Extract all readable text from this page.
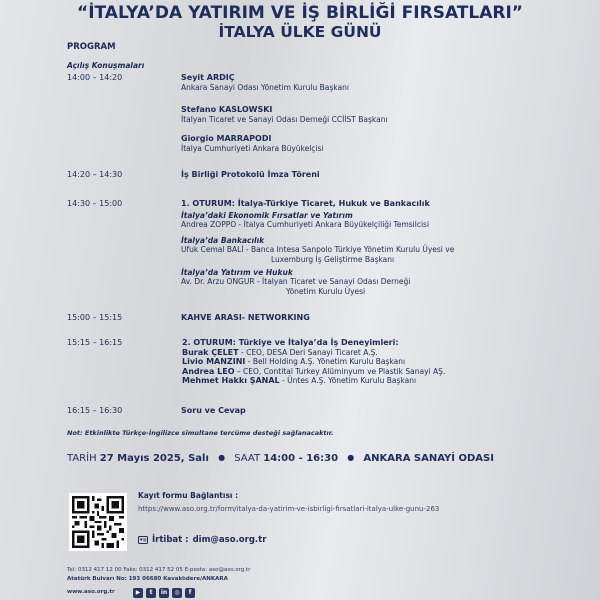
“İTALYA’DA YATIRIM VE İŞ BİRLİĞİ FIRSATLARI”
İTALYA ÜLKE GÜNÜ
PROGRAM
Açılış Konuşmaları
14:00 – 14:20	Seyit ARDIÇ
Ankara Sanayi Odası Yönetim Kurulu Başkanı
Stefano KASLOWSKI
İtalyan Ticaret ve Sanayi Odası Derneği CCİİST Başkanı
Giorgio MARRAPODI
İtalya Cumhuriyeti Ankara Büyükelçisi
14:20 – 14:30	İş Birliği Protokolü İmza Töreni
14:30 – 15:00	1. OTURUM: İtalya-Türkiye Ticaret, Hukuk ve Bankacılık
İtalya’daki Ekonomik Fırsatlar ve Yatırım
Andrea ZOPPO - İtalya Cumhuriyeti Ankara Büyükelçiliği Temsilcisi
İtalya’da Bankacılık
Ufuk Cemal BALİ - Banca Intesa Sanpolo Türkiye Yönetim Kurulu Üyesi ve
Luxemburg İş Geliştirme Başkanı
İtalya’da Yatırım ve Hukuk
Av. Dr. Arzu ONGUR - İtalyan Ticaret ve Sanayi Odası Derneği
Yönetim Kurulu Üyesi
15:00 – 15:15	KAHVE ARASI- NETWORKING
15:15 – 16:15	2. OTURUM: Türkiye ve İtalya’da İş Deneyimleri:
Burak ÇELET - CEO, DESA Deri Sanayi Ticaret A.Ş.
Livio MANZINI - Bell Holding A.Ş. Yönetim Kurulu Başkanı
Andrea LEO – CEO, Contital Turkey Alüminyum ve Plastik Sanayi AŞ.
Mehmet Hakkı ŞANAL - Üntes A.Ş. Yönetim Kurulu Başkanı
16:15 – 16:30	Soru ve Cevap
Not: Etkinlikte Türkçe-İngilizce simultane tercüme desteği sağlanacaktır.
TARİH 27 Mayıs 2025, Salı ● SAAT 14:00 - 16:30 ● ANKARA SANAYİ ODASI
Kayıt formu Bağlantısı :
https://www.aso.org.tr/form/italya-da-yatirim-ve-isbirligi-firsatlari-italya-ulke-gunu-263
İrtibat : dim@aso.org.tr
Tel: 0312 417 12 00 Faks: 0312 417 52 05 E-posta: aso@aso.org.tr
Atatürk Bulvarı No: 193 06680 Kavaklıdere/ANKARA
www.aso.org.tr	▶	t	in	◎	f
